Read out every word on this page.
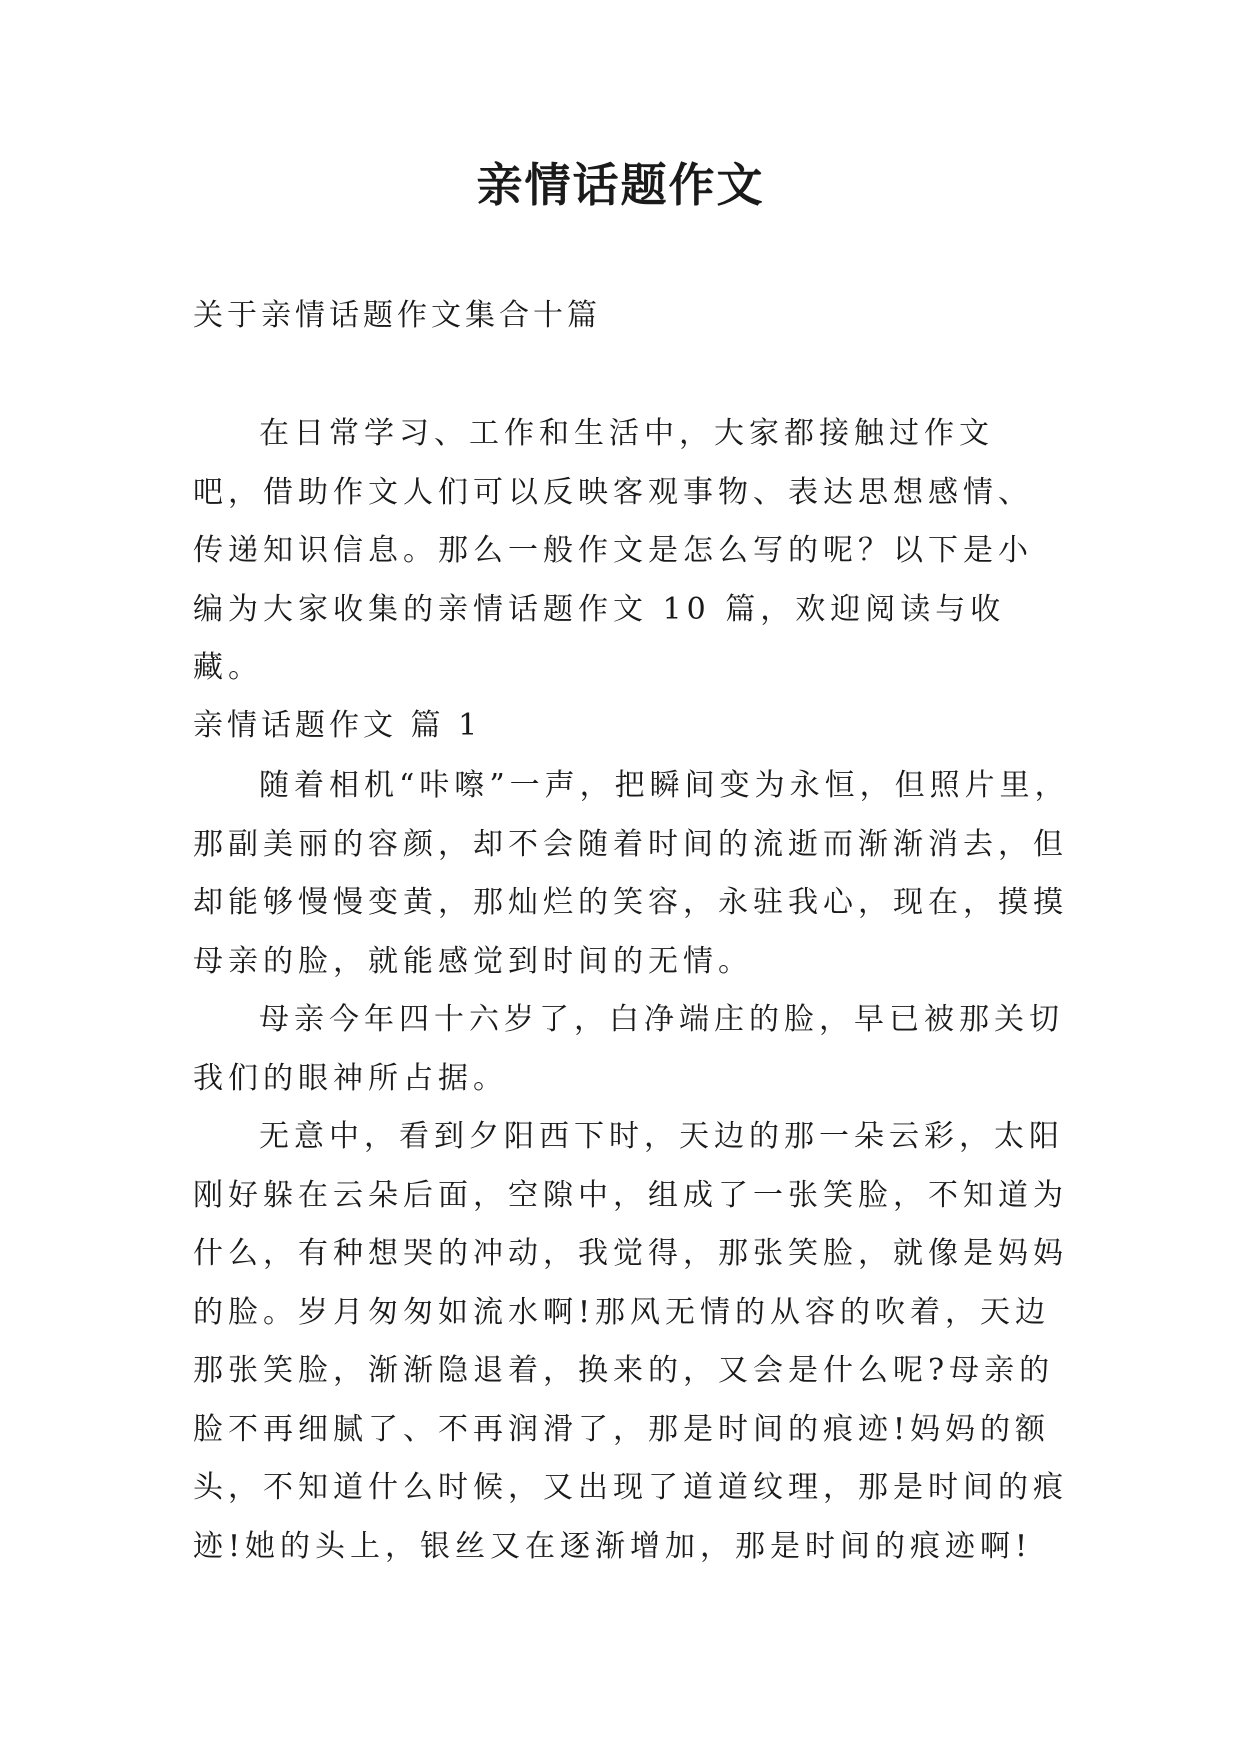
亲情话题作文
关于亲情话题作文集合十篇

在日常学习、工作和生活中，大家都接触过作文吧，借助作文人们可以反映客观事物、表达思想感情、传递知识信息。那么一般作文是怎么写的呢？以下是小编为大家收集的亲情话题作文 10 篇，欢迎阅读与收藏。

亲情话题作文 篇 1

随着相机“咔嚓”一声，把瞬间变为永恒，但照片里，那副美丽的容颜，却不会随着时间的流逝而渐渐消去，但却能够慢慢变黄，那灿烂的笑容，永驻我心，现在，摸摸母亲的脸，就能感觉到时间的无情。

母亲今年四十六岁了，白净端庄的脸，早已被那关切我们的眼神所占据。

无意中，看到夕阳西下时，天边的那一朵云彩，太阳刚好躲在云朵后面，空隙中，组成了一张笑脸，不知道为什么，有种想哭的冲动，我觉得，那张笑脸，就像是妈妈的脸。岁月匆匆如流水啊!那风无情的从容的吹着，天边那张笑脸，渐渐隐退着，换来的，又会是什么呢?母亲的脸不再细腻了、不再润滑了，那是时间的痕迹!妈妈的额头，不知道什么时候，又出现了道道纹理，那是时间的痕迹!她的头上，银丝又在逐渐增加，那是时间的痕迹啊!
